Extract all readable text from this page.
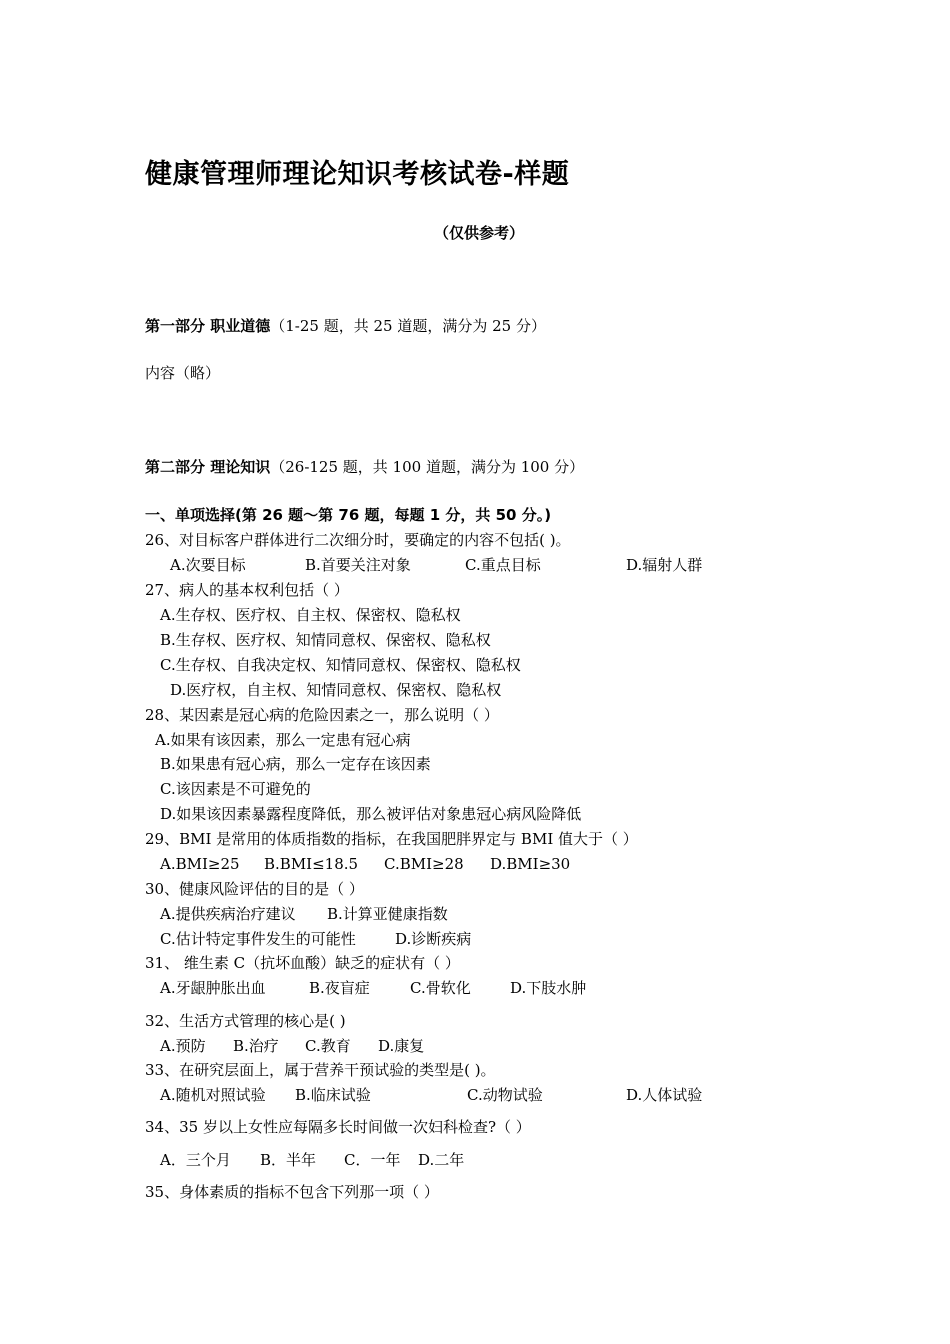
健康管理师理论知识考核试卷-样题
（仅供参考）
第一部分 职业道德（1-25 题，共 25 道题，满分为 25 分）
内容（略）
第二部分 理论知识（26-125 题，共 100 道题，满分为 100 分）
一、单项选择(第 26 题～第 76 题，每题 1 分，共 50 分。)
26、对目标客户群体进行二次细分时，要确定的内容不包括( )。
A.次要目标	B.首要关注对象	C.重点目标	D.辐射人群
27、病人的基本权利包括（ ）
A.生存权、医疗权、自主权、保密权、隐私权
B.生存权、医疗权、知情同意权、保密权、隐私权
C.生存权、自我决定权、知情同意权、保密权、隐私权
D.医疗权，自主权、知情同意权、保密权、隐私权
28、某因素是冠心病的危险因素之一，那么说明（ ）
A.如果有该因素，那么一定患有冠心病
B.如果患有冠心病，那么一定存在该因素
C.该因素是不可避免的
D.如果该因素暴露程度降低，那么被评估对象患冠心病风险降低
29、BMI 是常用的体质指数的指标，在我国肥胖界定与 BMI 值大于（ ）
A.BMI≥25 B.BMI≤18.5 C.BMI≥28 D.BMI≥30
30、健康风险评估的目的是（ ）
A.提供疾病治疗建议 B.计算亚健康指数
C.估计特定事件发生的可能性	D.诊断疾病
31、 维生素 C（抗坏血酸）缺乏的症状有（ ）
A.牙龈肿胀出血	B.夜盲症	C.骨软化	D.下肢水肿
32、生活方式管理的核心是( )
A.预防 B.治疗 C.教育 D.康复
33、在研究层面上，属于营养干预试验的类型是( )。
A.随机对照试验 B.临床试验	C.动物试验	D.人体试验
34、35 岁以上女性应每隔多长时间做一次妇科检查?（ ）
A．三个月 B．半年 C．一年 D.二年
35、身体素质的指标不包含下列那一项（ ）
